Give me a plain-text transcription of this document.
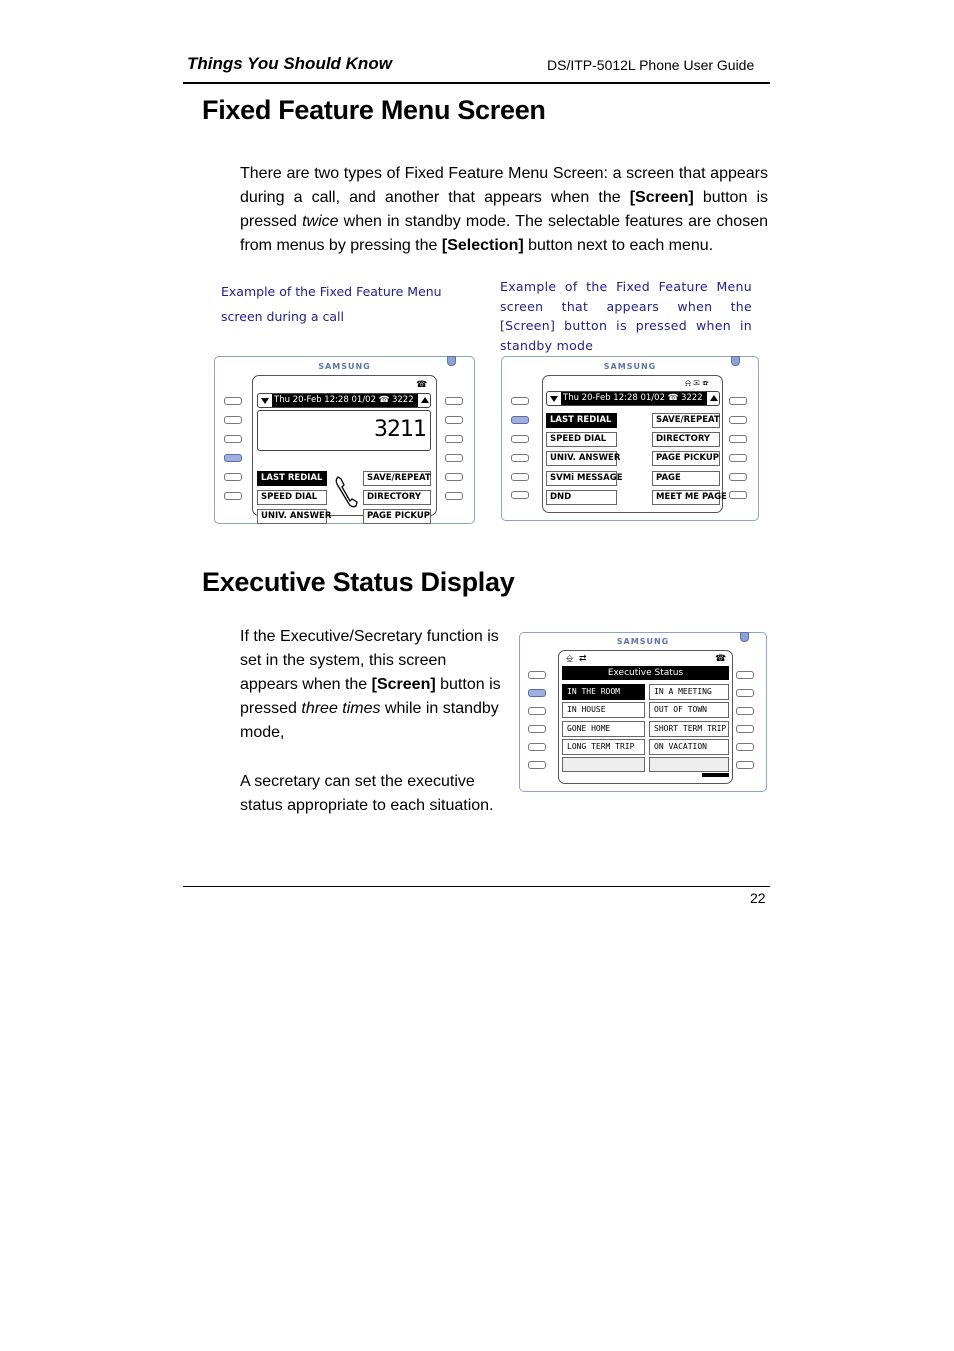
Things You Should Know	DS/ITP-5012L Phone User Guide
Fixed Feature Menu Screen
There are two types of Fixed Feature Menu Screen: a screen that appears during a call, and another that appears when the [Screen] button is pressed twice when in standby mode. The selectable features are chosen from menus by pressing the [Selection] button next to each menu.
Example of the Fixed Feature Menu
screen during a call
Example of the Fixed Feature Menu screen that appears when the [Screen] button is pressed when in standby mode
SAMSUNG
☎
Thu 20-Feb 12:28 01/02 ☎ 3222
3211
LAST REDIAL
SPEED DIAL
UNIV. ANSWER
SAVE/REPEAT
DIRECTORY
PAGE PICKUP
SAMSUNG
⍾ ✉ ☎
Thu 20-Feb 12:28 01/02 ☎ 3222
LAST REDIAL
SPEED DIAL
UNIV. ANSWER
SVMi MESSAGE
DND
SAVE/REPEAT
DIRECTORY
PAGE PICKUP
PAGE
MEET ME PAGE
Executive Status Display
If the Executive/Secretary function is
set in the system, this screen
appears when the [Screen] button is
pressed three times while in standby
mode,
A secretary can set the executive
status appropriate to each situation.
SAMSUNG
⎒ ⇄	☎
Executive Status
IN THE ROOM
IN HOUSE
GONE HOME
LONG TERM TRIP
IN A MEETING
OUT OF TOWN
SHORT TERM TRIP
ON VACATION
22
